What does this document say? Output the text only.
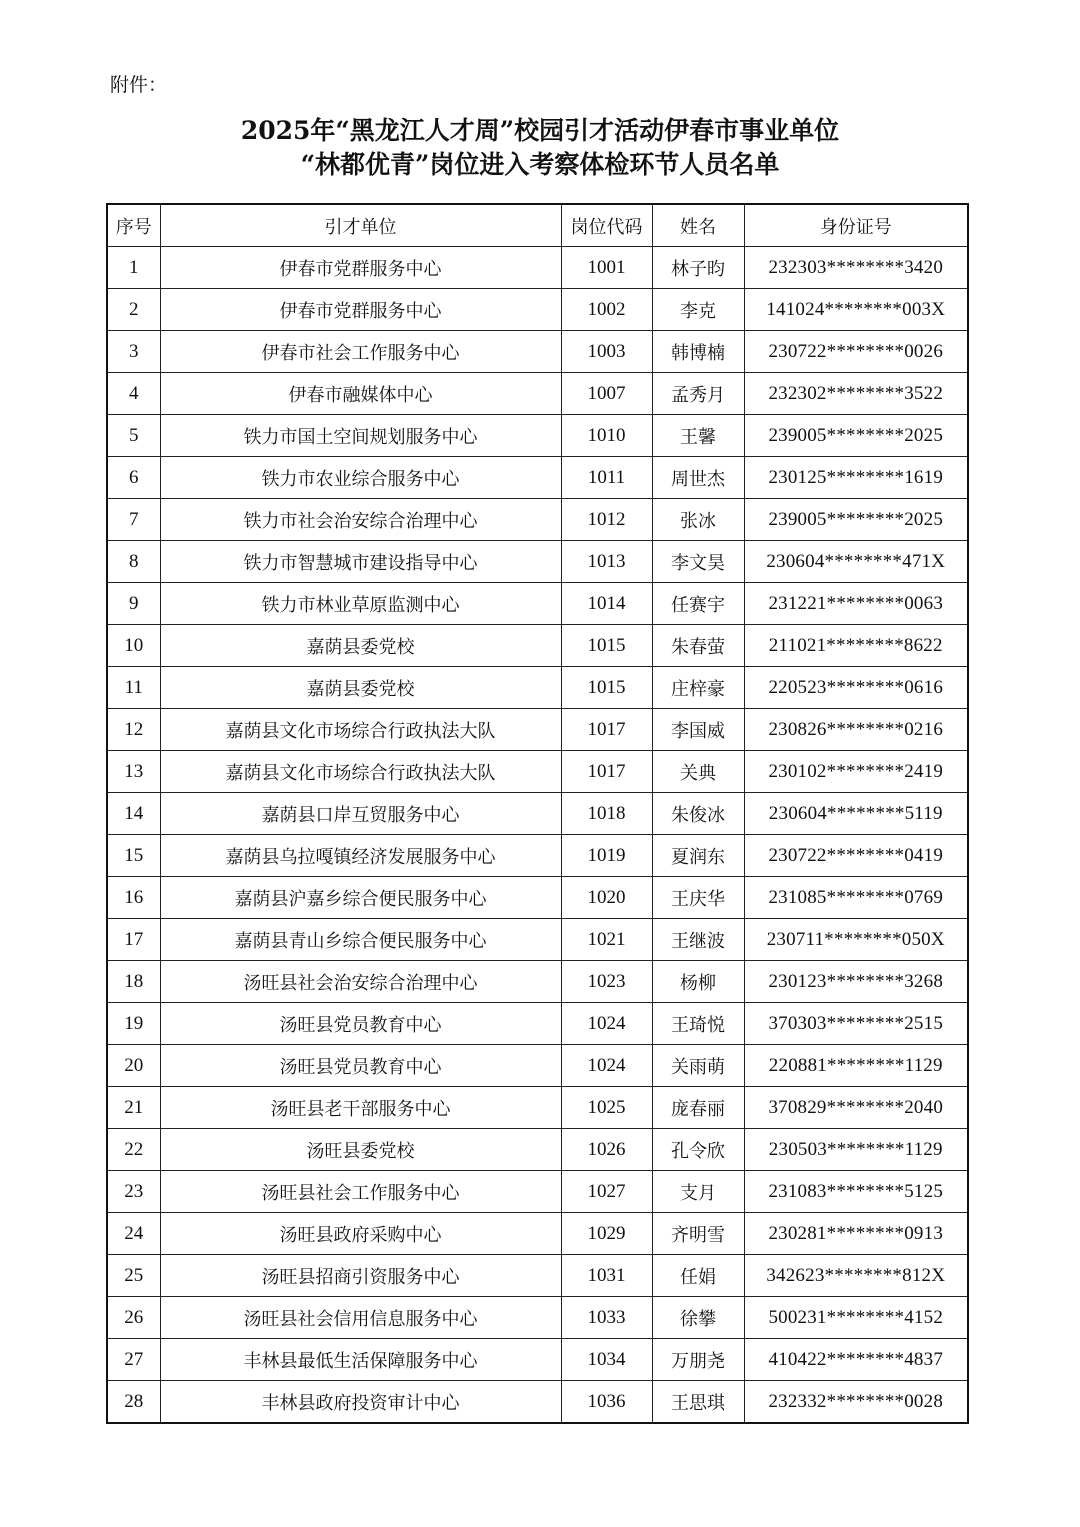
附件：
2025年“黑龙江人才周”校园引才活动伊春市事业单位
“林都优青”岗位进入考察体检环节人员名单
序号	引才单位	岗位代码	姓名	身份证号
1	伊春市党群服务中心	1001	林子昀	232303********3420
2	伊春市党群服务中心	1002	李克	141024********003X
3	伊春市社会工作服务中心	1003	韩博楠	230722********0026
4	伊春市融媒体中心	1007	孟秀月	232302********3522
5	铁力市国土空间规划服务中心	1010	王馨	239005********2025
6	铁力市农业综合服务中心	1011	周世杰	230125********1619
7	铁力市社会治安综合治理中心	1012	张冰	239005********2025
8	铁力市智慧城市建设指导中心	1013	李文昊	230604********471X
9	铁力市林业草原监测中心	1014	任赛宇	231221********0063
10	嘉荫县委党校	1015	朱春萤	211021********8622
11	嘉荫县委党校	1015	庄梓豪	220523********0616
12	嘉荫县文化市场综合行政执法大队	1017	李国威	230826********0216
13	嘉荫县文化市场综合行政执法大队	1017	关典	230102********2419
14	嘉荫县口岸互贸服务中心	1018	朱俊冰	230604********5119
15	嘉荫县乌拉嘎镇经济发展服务中心	1019	夏润东	230722********0419
16	嘉荫县沪嘉乡综合便民服务中心	1020	王庆华	231085********0769
17	嘉荫县青山乡综合便民服务中心	1021	王继波	230711********050X
18	汤旺县社会治安综合治理中心	1023	杨柳	230123********3268
19	汤旺县党员教育中心	1024	王琦悦	370303********2515
20	汤旺县党员教育中心	1024	关雨萌	220881********1129
21	汤旺县老干部服务中心	1025	庞春丽	370829********2040
22	汤旺县委党校	1026	孔令欣	230503********1129
23	汤旺县社会工作服务中心	1027	支月	231083********5125
24	汤旺县政府采购中心	1029	齐明雪	230281********0913
25	汤旺县招商引资服务中心	1031	任娟	342623********812X
26	汤旺县社会信用信息服务中心	1033	徐攀	500231********4152
27	丰林县最低生活保障服务中心	1034	万朋尧	410422********4837
28	丰林县政府投资审计中心	1036	王思琪	232332********0028
